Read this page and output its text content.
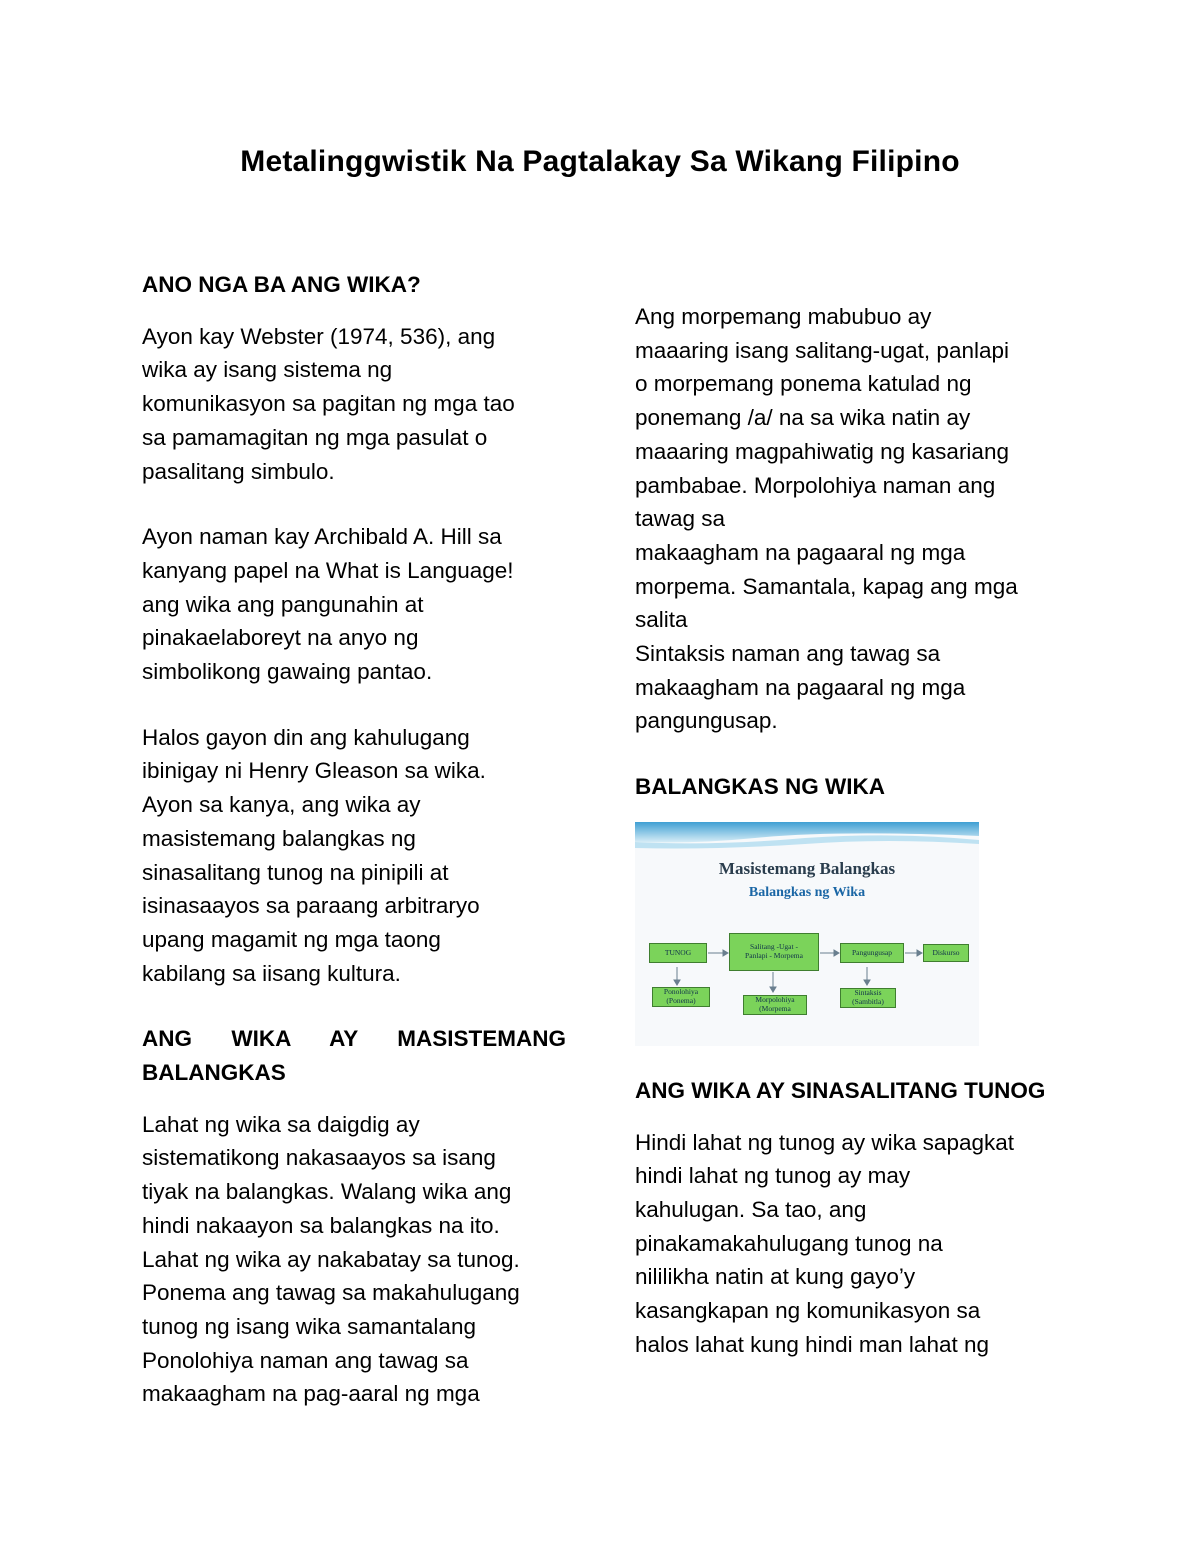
Metalinggwistik Na Pagtalakay Sa Wikang Filipino

ANO NGA BA ANG WIKA?

Ayon kay Webster (1974, 536), ang
wika ay isang sistema ng
komunikasyon sa pagitan ng mga tao
sa pamamagitan ng mga pasulat o
pasalitang simbulo.

Ayon naman kay Archibald A. Hill sa
kanyang papel na What is Language!
ang wika ang pangunahin at
pinakaelaboreyt na anyo ng
simbolikong gawaing pantao.

Halos gayon din ang kahulugang
ibinigay ni Henry Gleason sa wika.
Ayon sa kanya, ang wika ay
masistemang balangkas ng
sinasalitang tunog na pinipili at
isinasaayos sa paraang arbitraryo
upang magamit ng mga taong
kabilang sa iisang kultura.

ANG WIKA AY MASISTEMANG
BALANGKAS

Lahat ng wika sa daigdig ay
sistematikong nakasaayos sa isang
tiyak na balangkas. Walang wika ang
hindi nakaayon sa balangkas na ito.
Lahat ng wika ay nakabatay sa tunog.
Ponema ang tawag sa makahulugang
tunog ng isang wika samantalang
Ponolohiya naman ang tawag sa
makaagham na pag-aaral ng mga

Ang morpemang mabubuo ay
maaaring isang salitang-ugat, panlapi
o morpemang ponema katulad ng
ponemang /a/ na sa wika natin ay
maaaring magpahiwatig ng kasariang
pambabae. Morpolohiya naman ang
tawag sa
makaagham na pagaaral ng mga
morpema. Samantala, kapag ang mga
salita
Sintaksis naman ang tawag sa
makaagham na pagaaral ng mga
pangungusap.

BALANGKAS NG WIKA

Masistemang Balangkas
Balangkas ng Wika
TUNOG
Salitang -Ugat -
Panlapi - Morpema	Pangungusap	Diskurso
Ponolohiya
(Ponema)	Morpolohiya
(Morpema
Sintaksis
(Sambitla)

ANG WIKA AY SINASALITANG TUNOG

Hindi lahat ng tunog ay wika sapagkat
hindi lahat ng tunog ay may
kahulugan. Sa tao, ang
pinakamakahulugang tunog na
nililikha natin at kung gayo’y
kasangkapan ng komunikasyon sa
halos lahat kung hindi man lahat ng
